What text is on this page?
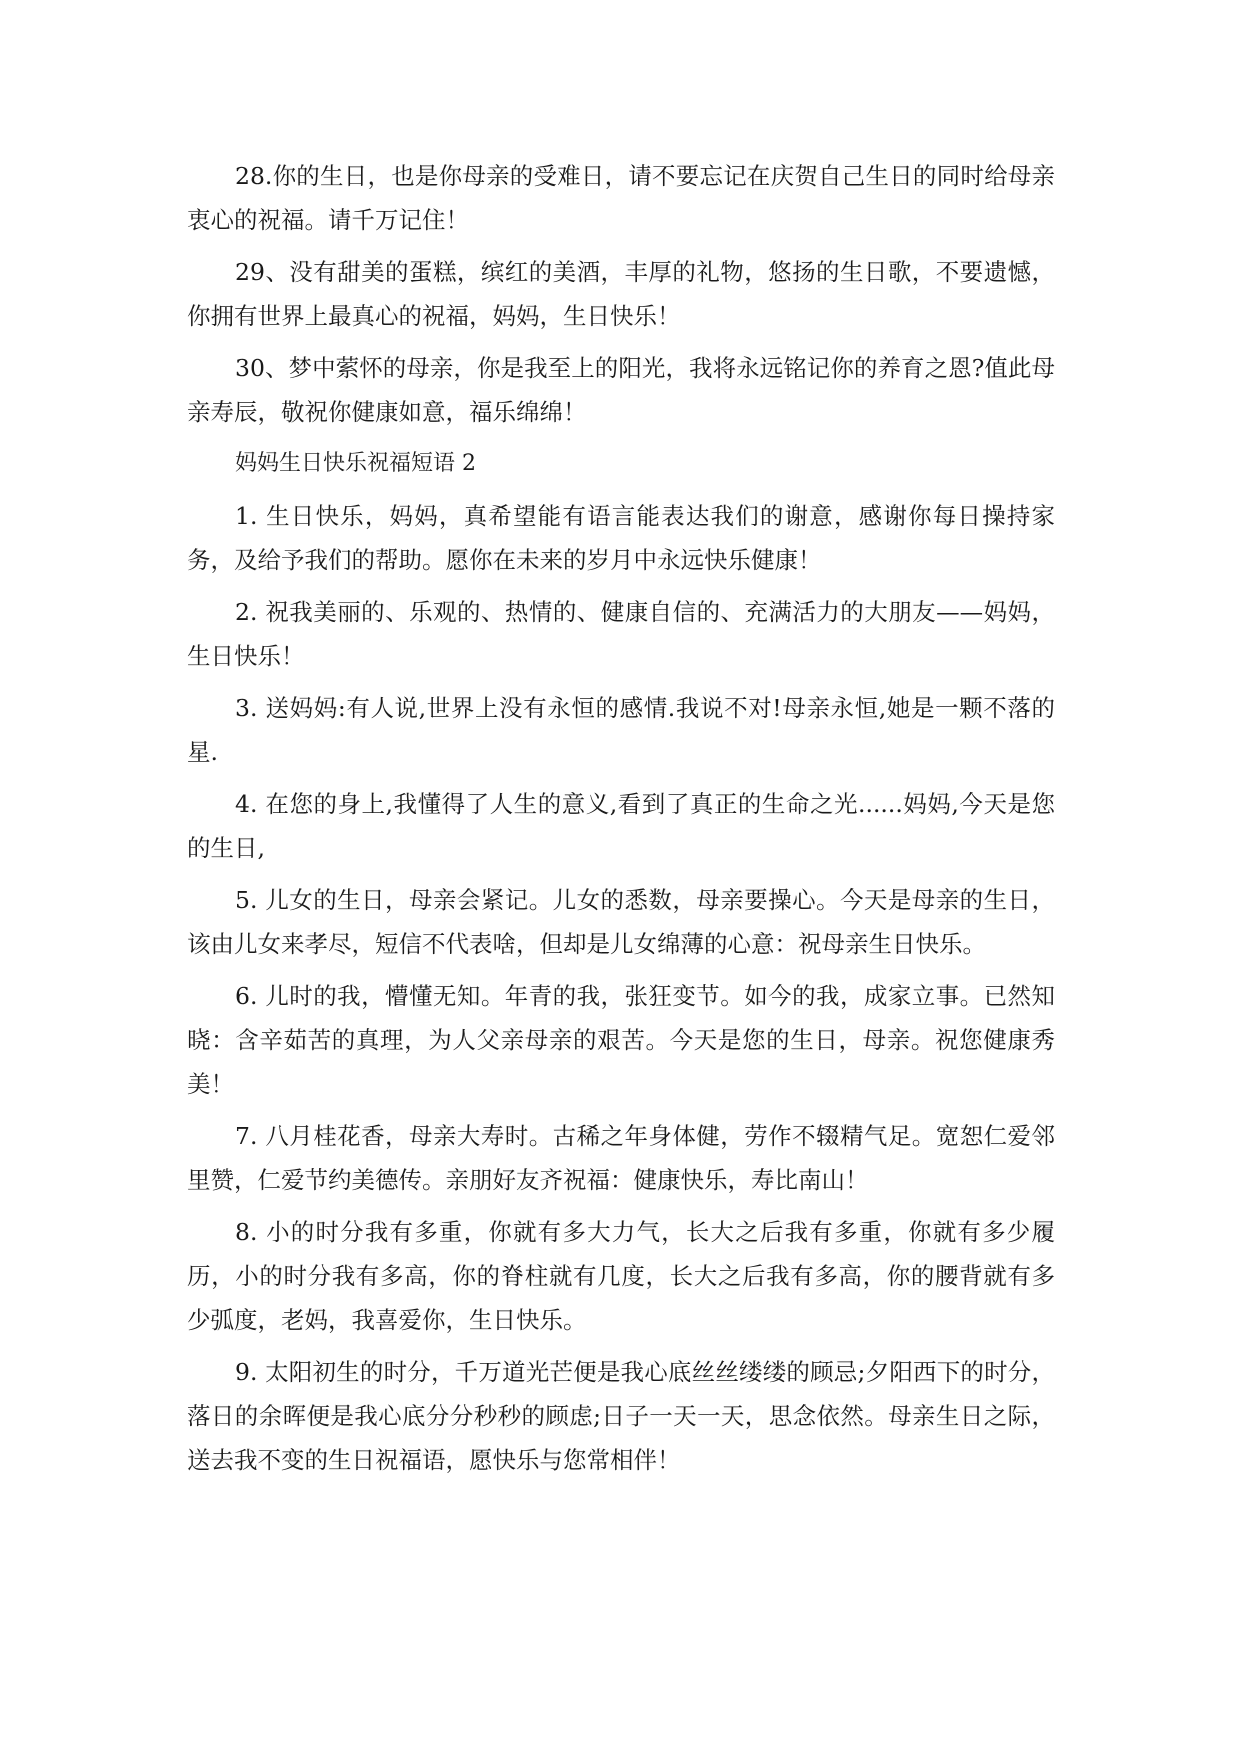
28.你的生日，也是你母亲的受难日，请不要忘记在庆贺自己生日的同时给母亲衷心的祝福。请千万记住！

29、没有甜美的蛋糕，缤红的美酒，丰厚的礼物，悠扬的生日歌，不要遗憾，你拥有世界上最真心的祝福，妈妈，生日快乐！

30、梦中萦怀的母亲，你是我至上的阳光，我将永远铭记你的养育之恩?值此母亲寿辰，敬祝你健康如意，福乐绵绵！

妈妈生日快乐祝福短语 2

1. 生日快乐，妈妈，真希望能有语言能表达我们的谢意，感谢你每日操持家务，及给予我们的帮助。愿你在未来的岁月中永远快乐健康！

2. 祝我美丽的、乐观的、热情的、健康自信的、充满活力的大朋友——妈妈，生日快乐！

3. 送妈妈:有人说,世界上没有永恒的感情.我说不对!母亲永恒,她是一颗不落的星.

4. 在您的身上,我懂得了人生的意义,看到了真正的生命之光......妈妈,今天是您的生日,

5. 儿女的生日，母亲会紧记。儿女的悉数，母亲要操心。今天是母亲的生日，该由儿女来孝尽，短信不代表啥，但却是儿女绵薄的心意：祝母亲生日快乐。

6. 儿时的我，懵懂无知。年青的我，张狂变节。如今的我，成家立事。已然知晓：含辛茹苦的真理，为人父亲母亲的艰苦。今天是您的生日，母亲。祝您健康秀美！

7. 八月桂花香，母亲大寿时。古稀之年身体健，劳作不辍精气足。宽恕仁爱邻里赞，仁爱节约美德传。亲朋好友齐祝福：健康快乐，寿比南山！

8. 小的时分我有多重，你就有多大力气，长大之后我有多重，你就有多少履历，小的时分我有多高，你的脊柱就有几度，长大之后我有多高，你的腰背就有多少弧度，老妈，我喜爱你，生日快乐。

9. 太阳初生的时分，千万道光芒便是我心底丝丝缕缕的顾忌;夕阳西下的时分，落日的余晖便是我心底分分秒秒的顾虑;日子一天一天，思念依然。母亲生日之际，送去我不变的生日祝福语，愿快乐与您常相伴！
